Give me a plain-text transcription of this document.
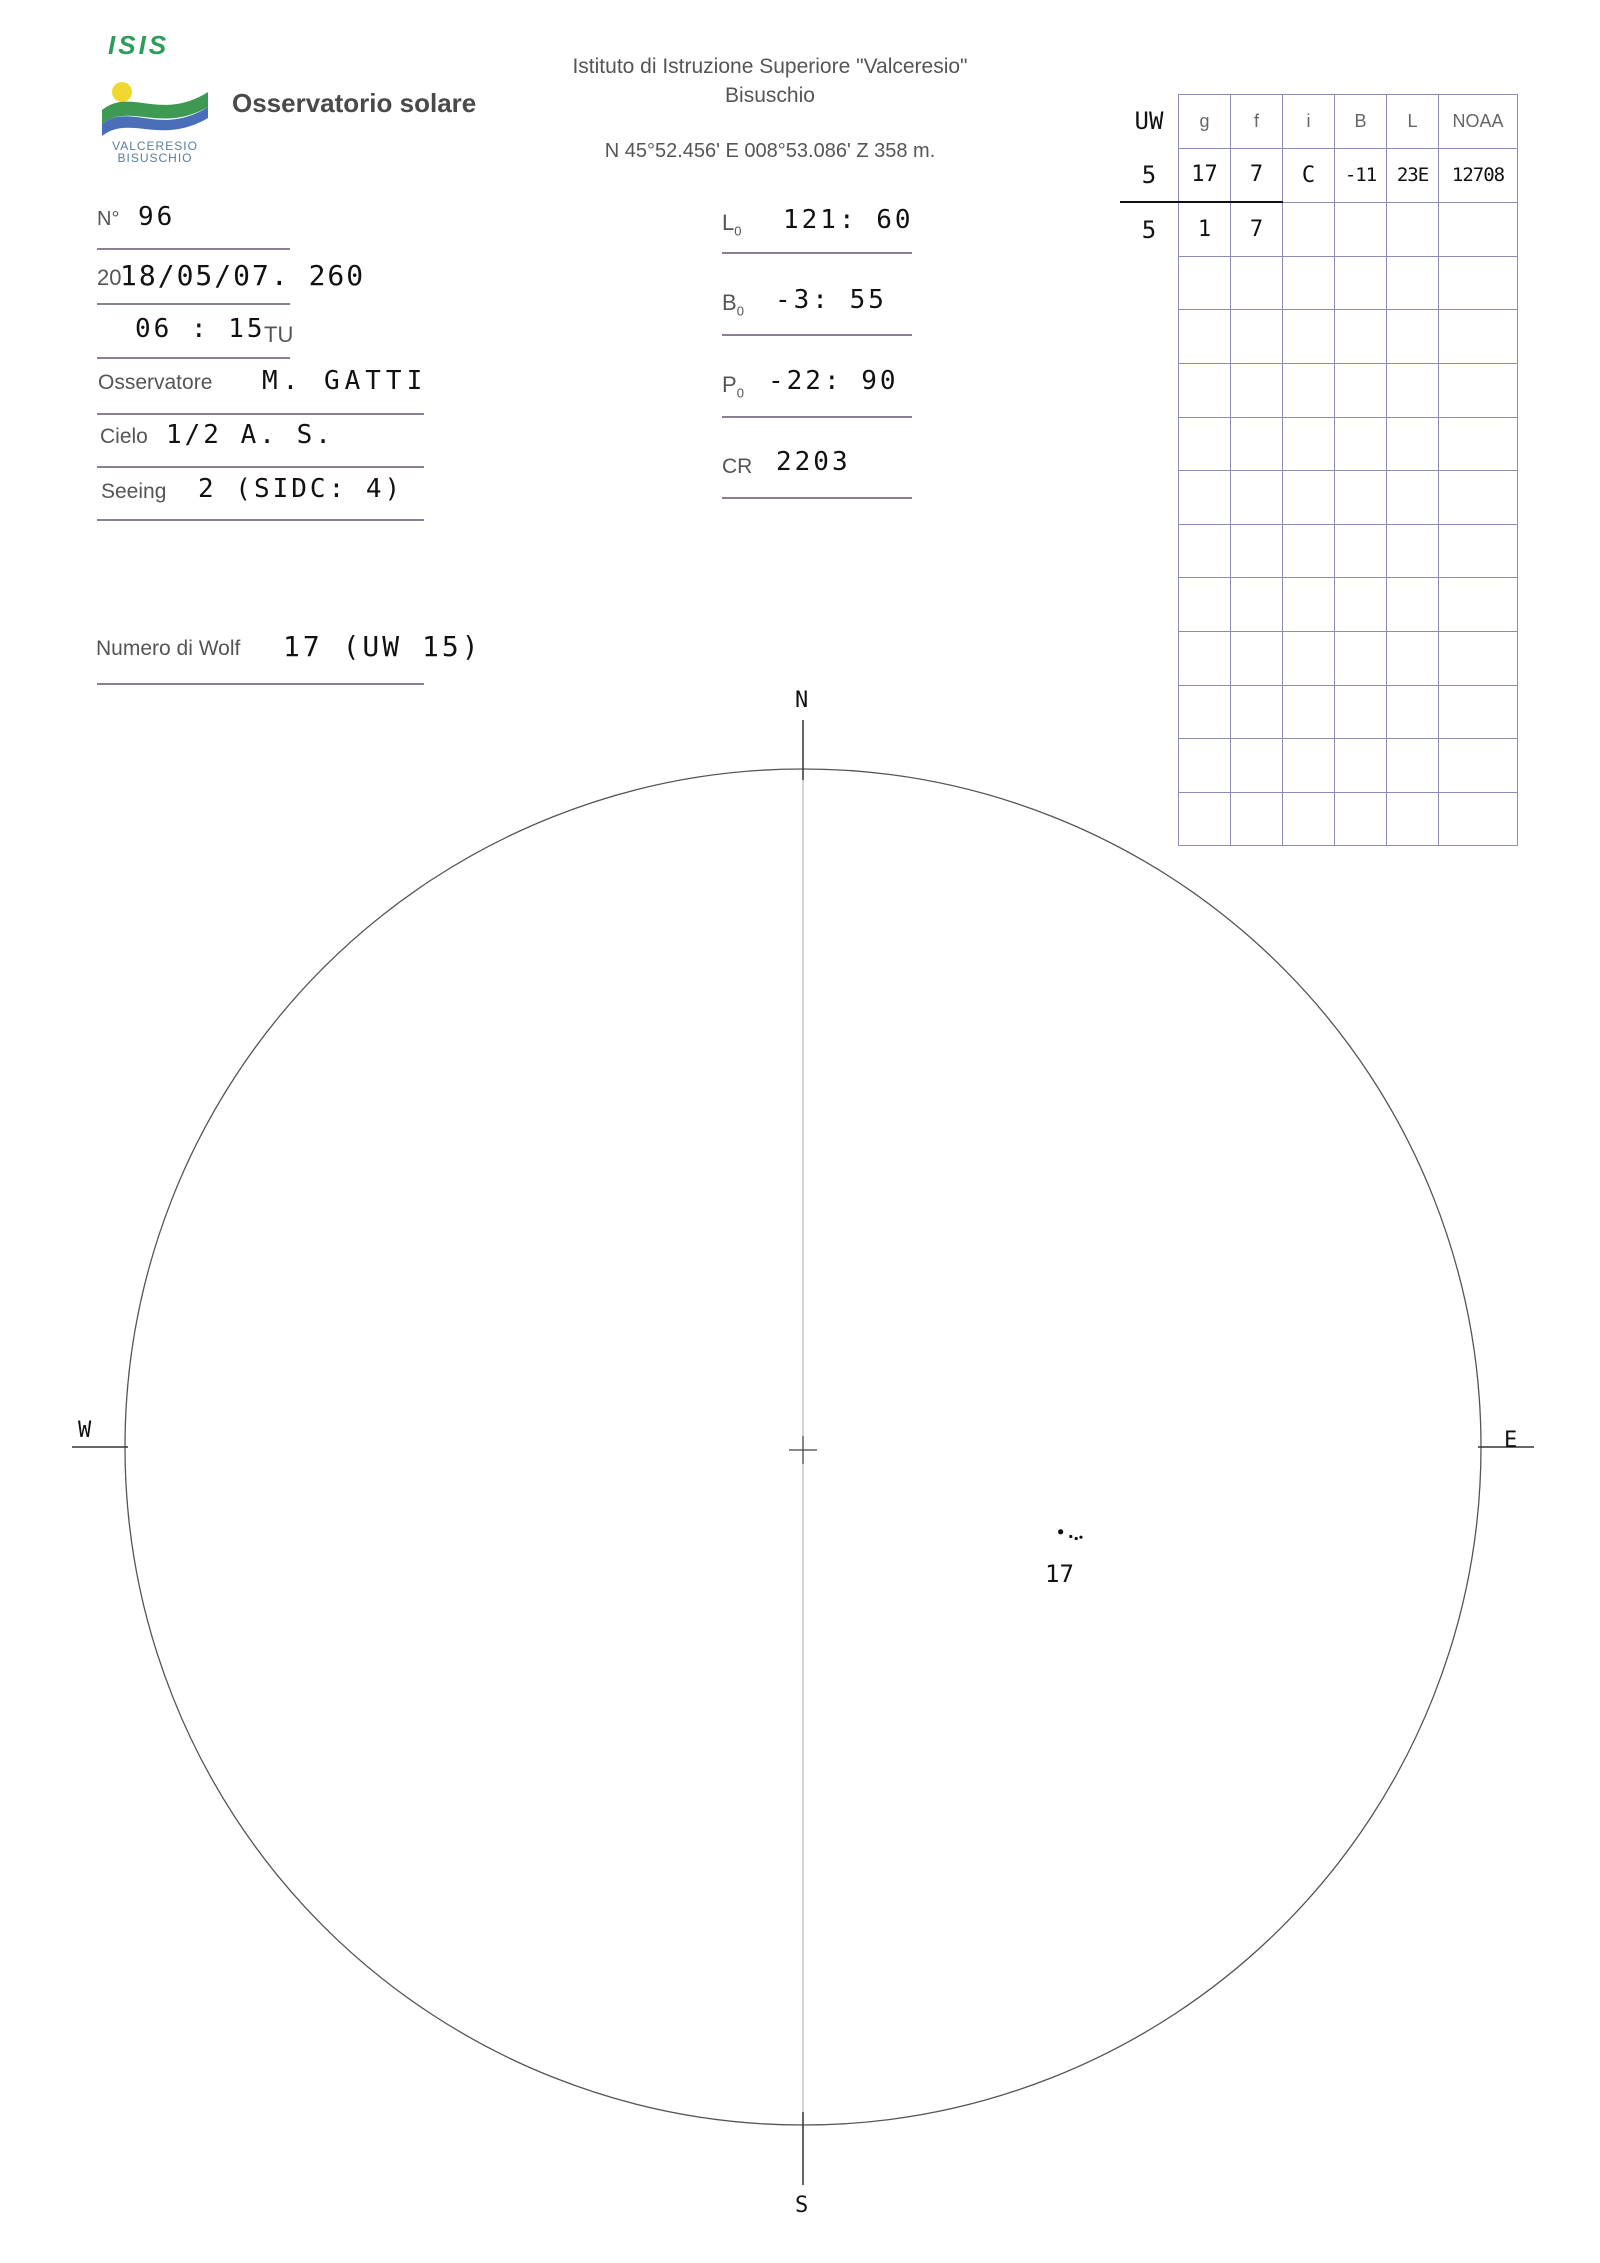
ISIS
VALCERESIO
BISUSCHIO
Osservatorio solare
Istituto di Istruzione Superiore "Valceresio"
Bisuschio
N 45°52.456' E 008°53.086' Z 358 m.
N° 96
20
18/05/07. 260
06 : 15
TU
Osservatore M. GATTI
Cielo 1/2 A. S.
Seeing 2 (SIDC: 4)
Numero di Wolf 17 (UW 15)
$L_0$ 121: 60
$B_0$ -3: 55
$P_0$ -22: 90
CR 2203
UW	g	f	i	B	L	NOAA
5	17	7	C	-11	23E	12708
5	1	7				

N
S
W	E
17
